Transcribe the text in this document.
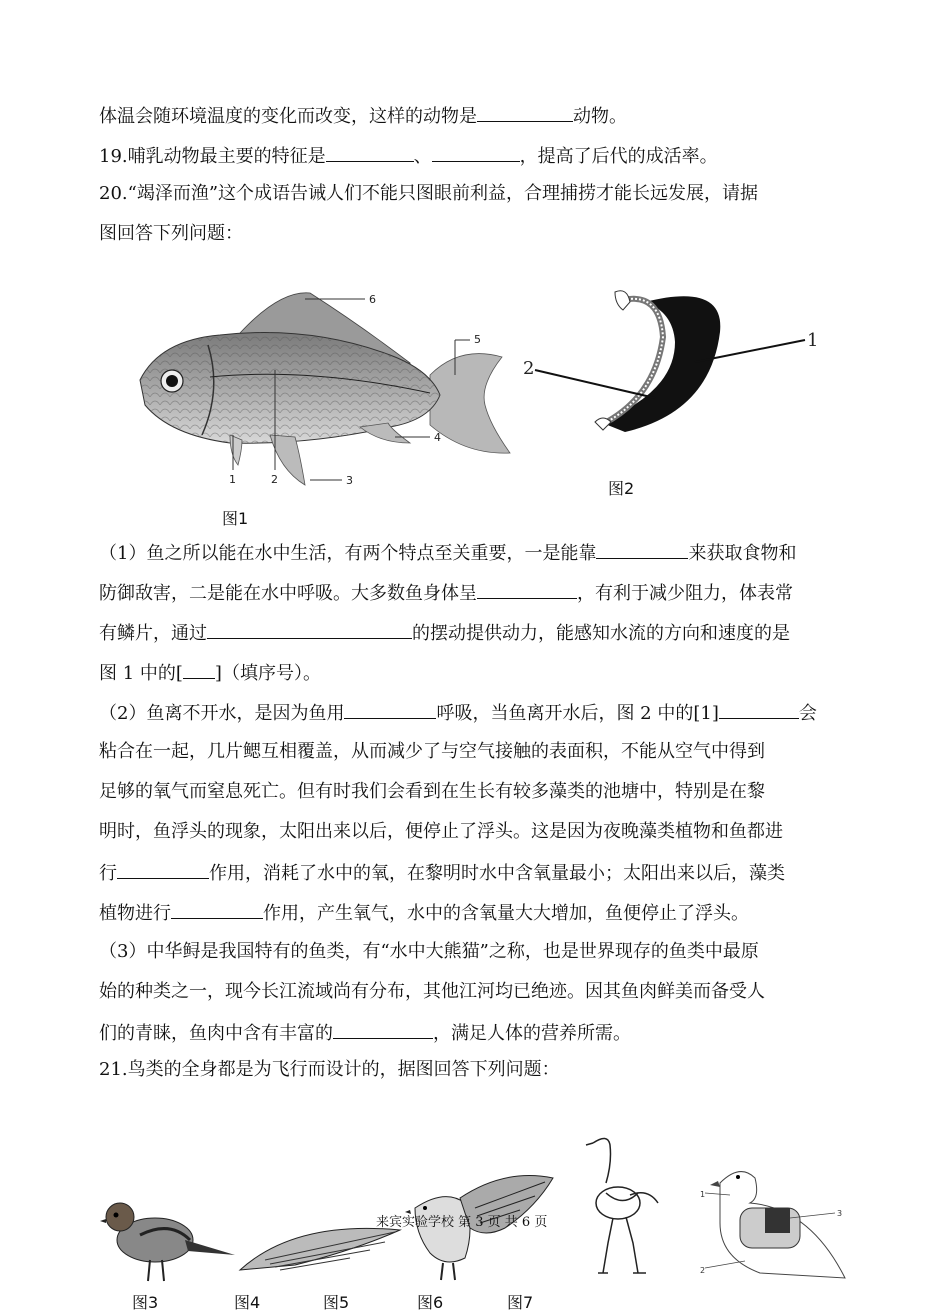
体温会随环境温度的变化而改变，这样的动物是	动物。
19.哺乳动物最主要的特征是	、	，提高了后代的成活率。
20.“竭泽而渔”这个成语告诫人们不能只图眼前利益，合理捕捞才能长远发展，请据
图回答下列问题：
1	2	3
4
5
6
图1
2
1
图2
（1）鱼之所以能在水中生活，有两个特点至关重要，一是能靠	来获取食物和
防御敌害，二是能在水中呼吸。大多数鱼身体呈	，有利于减少阻力，体表常
有鳞片，通过	的摆动提供动力，能感知水流的方向和速度的是
图 1 中的[ ]（填序号）。
（2）鱼离不开水，是因为鱼用	呼吸，当鱼离开水后，图 2 中的[1]	会
粘合在一起，几片鳃互相覆盖，从而减少了与空气接触的表面积，不能从空气中得到
足够的氧气而窒息死亡。但有时我们会看到在生长有较多藻类的池塘中，特别是在黎
明时，鱼浮头的现象，太阳出来以后，便停止了浮头。这是因为夜晚藻类植物和鱼都进
行	作用，消耗了水中的氧，在黎明时水中含氧量最小；太阳出来以后，藻类
植物进行	作用，产生氧气，水中的含氧量大大增加，鱼便停止了浮头。
（3）中华鲟是我国特有的鱼类，有“水中大熊猫”之称，也是世界现存的鱼类中最原
始的种类之一，现今长江流域尚有分布，其他江河均已绝迹。因其鱼肉鲜美而备受人
们的青睐，鱼肉中含有丰富的	，满足人体的营养所需。
21.鸟类的全身都是为飞行而设计的，据图回答下列问题：
1
2
3
来宾实验学校 第 3 页 共 6 页
图3	图4	图5	图6	图7
